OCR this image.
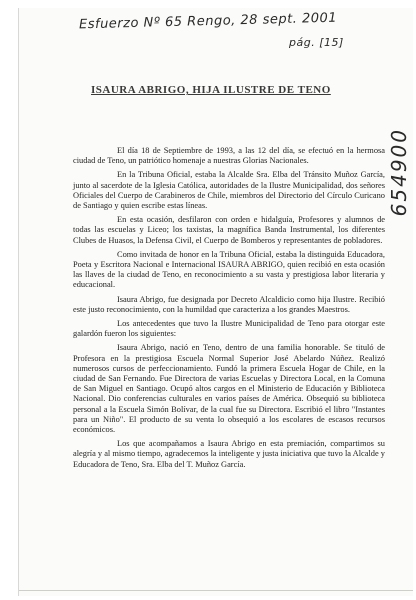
Esfuerzo Nº 65 Rengo, 28 sept. 2001
pág. [15]
654900
ISAURA ABRIGO, HIJA ILUSTRE DE TENO

El día 18 de Septiembre de 1993, a las 12 del día, se efectuó en la hermosa ciudad de Teno, un patriótico homenaje a nuestras Glorias Nacionales.

En la Tribuna Oficial, estaba la Alcalde Sra. Elba del Tránsito Muñoz García, junto al sacerdote de la Iglesia Católica, autoridades de la Ilustre Municipalidad, dos señores Oficiales del Cuerpo de Carabineros de Chile, miembros del Directorio del Círculo Curicano de Santiago y quien escribe estas líneas.

En esta ocasión, desfilaron con orden e hidalguía, Profesores y alumnos de todas las escuelas y Liceo; los taxistas, la magnífica Banda Instrumental, los diferentes Clubes de Huasos, la Defensa Civil, el Cuerpo de Bomberos y representantes de pobladores.

Como invitada de honor en la Tribuna Oficial, estaba la distinguida Educadora, Poeta y Escritora Nacional e Internacional ISAURA ABRIGO, quien recibió en esta ocasión las llaves de la ciudad de Teno, en reconocimiento a su vasta y prestigiosa labor literaria y educacional.

Isaura Abrigo, fue designada por Decreto Alcaldicio como hija Ilustre. Recibió este justo reconocimiento, con la humildad que caracteriza a los grandes Maestros.

Los antecedentes que tuvo la Ilustre Municipalidad de Teno para otorgar este galardón fueron los siguientes:

Isaura Abrigo, nació en Teno, dentro de una familia honorable. Se tituló de Profesora en la prestigiosa Escuela Normal Superior José Abelardo Núñez. Realizó numerosos cursos de perfeccionamiento. Fundó la primera Escuela Hogar de Chile, en la ciudad de San Fernando. Fue Directora de varias Escuelas y Directora Local, en la Comuna de San Miguel en Santiago. Ocupó altos cargos en el Ministerio de Educación y Biblioteca Nacional. Dio conferencias culturales en varios países de América. Obsequió su biblioteca personal a la Escuela Simón Bolívar, de la cual fue su Directora. Escribió el libro "Instantes para un Niño". El producto de su venta lo obsequió a los escolares de escasos recursos económicos.

Los que acompañamos a Isaura Abrigo en esta premiación, compartimos su alegría y al mismo tiempo, agradecemos la inteligente y justa iniciativa que tuvo la Alcalde y Educadora de Teno, Sra. Elba del T. Muñoz García.
